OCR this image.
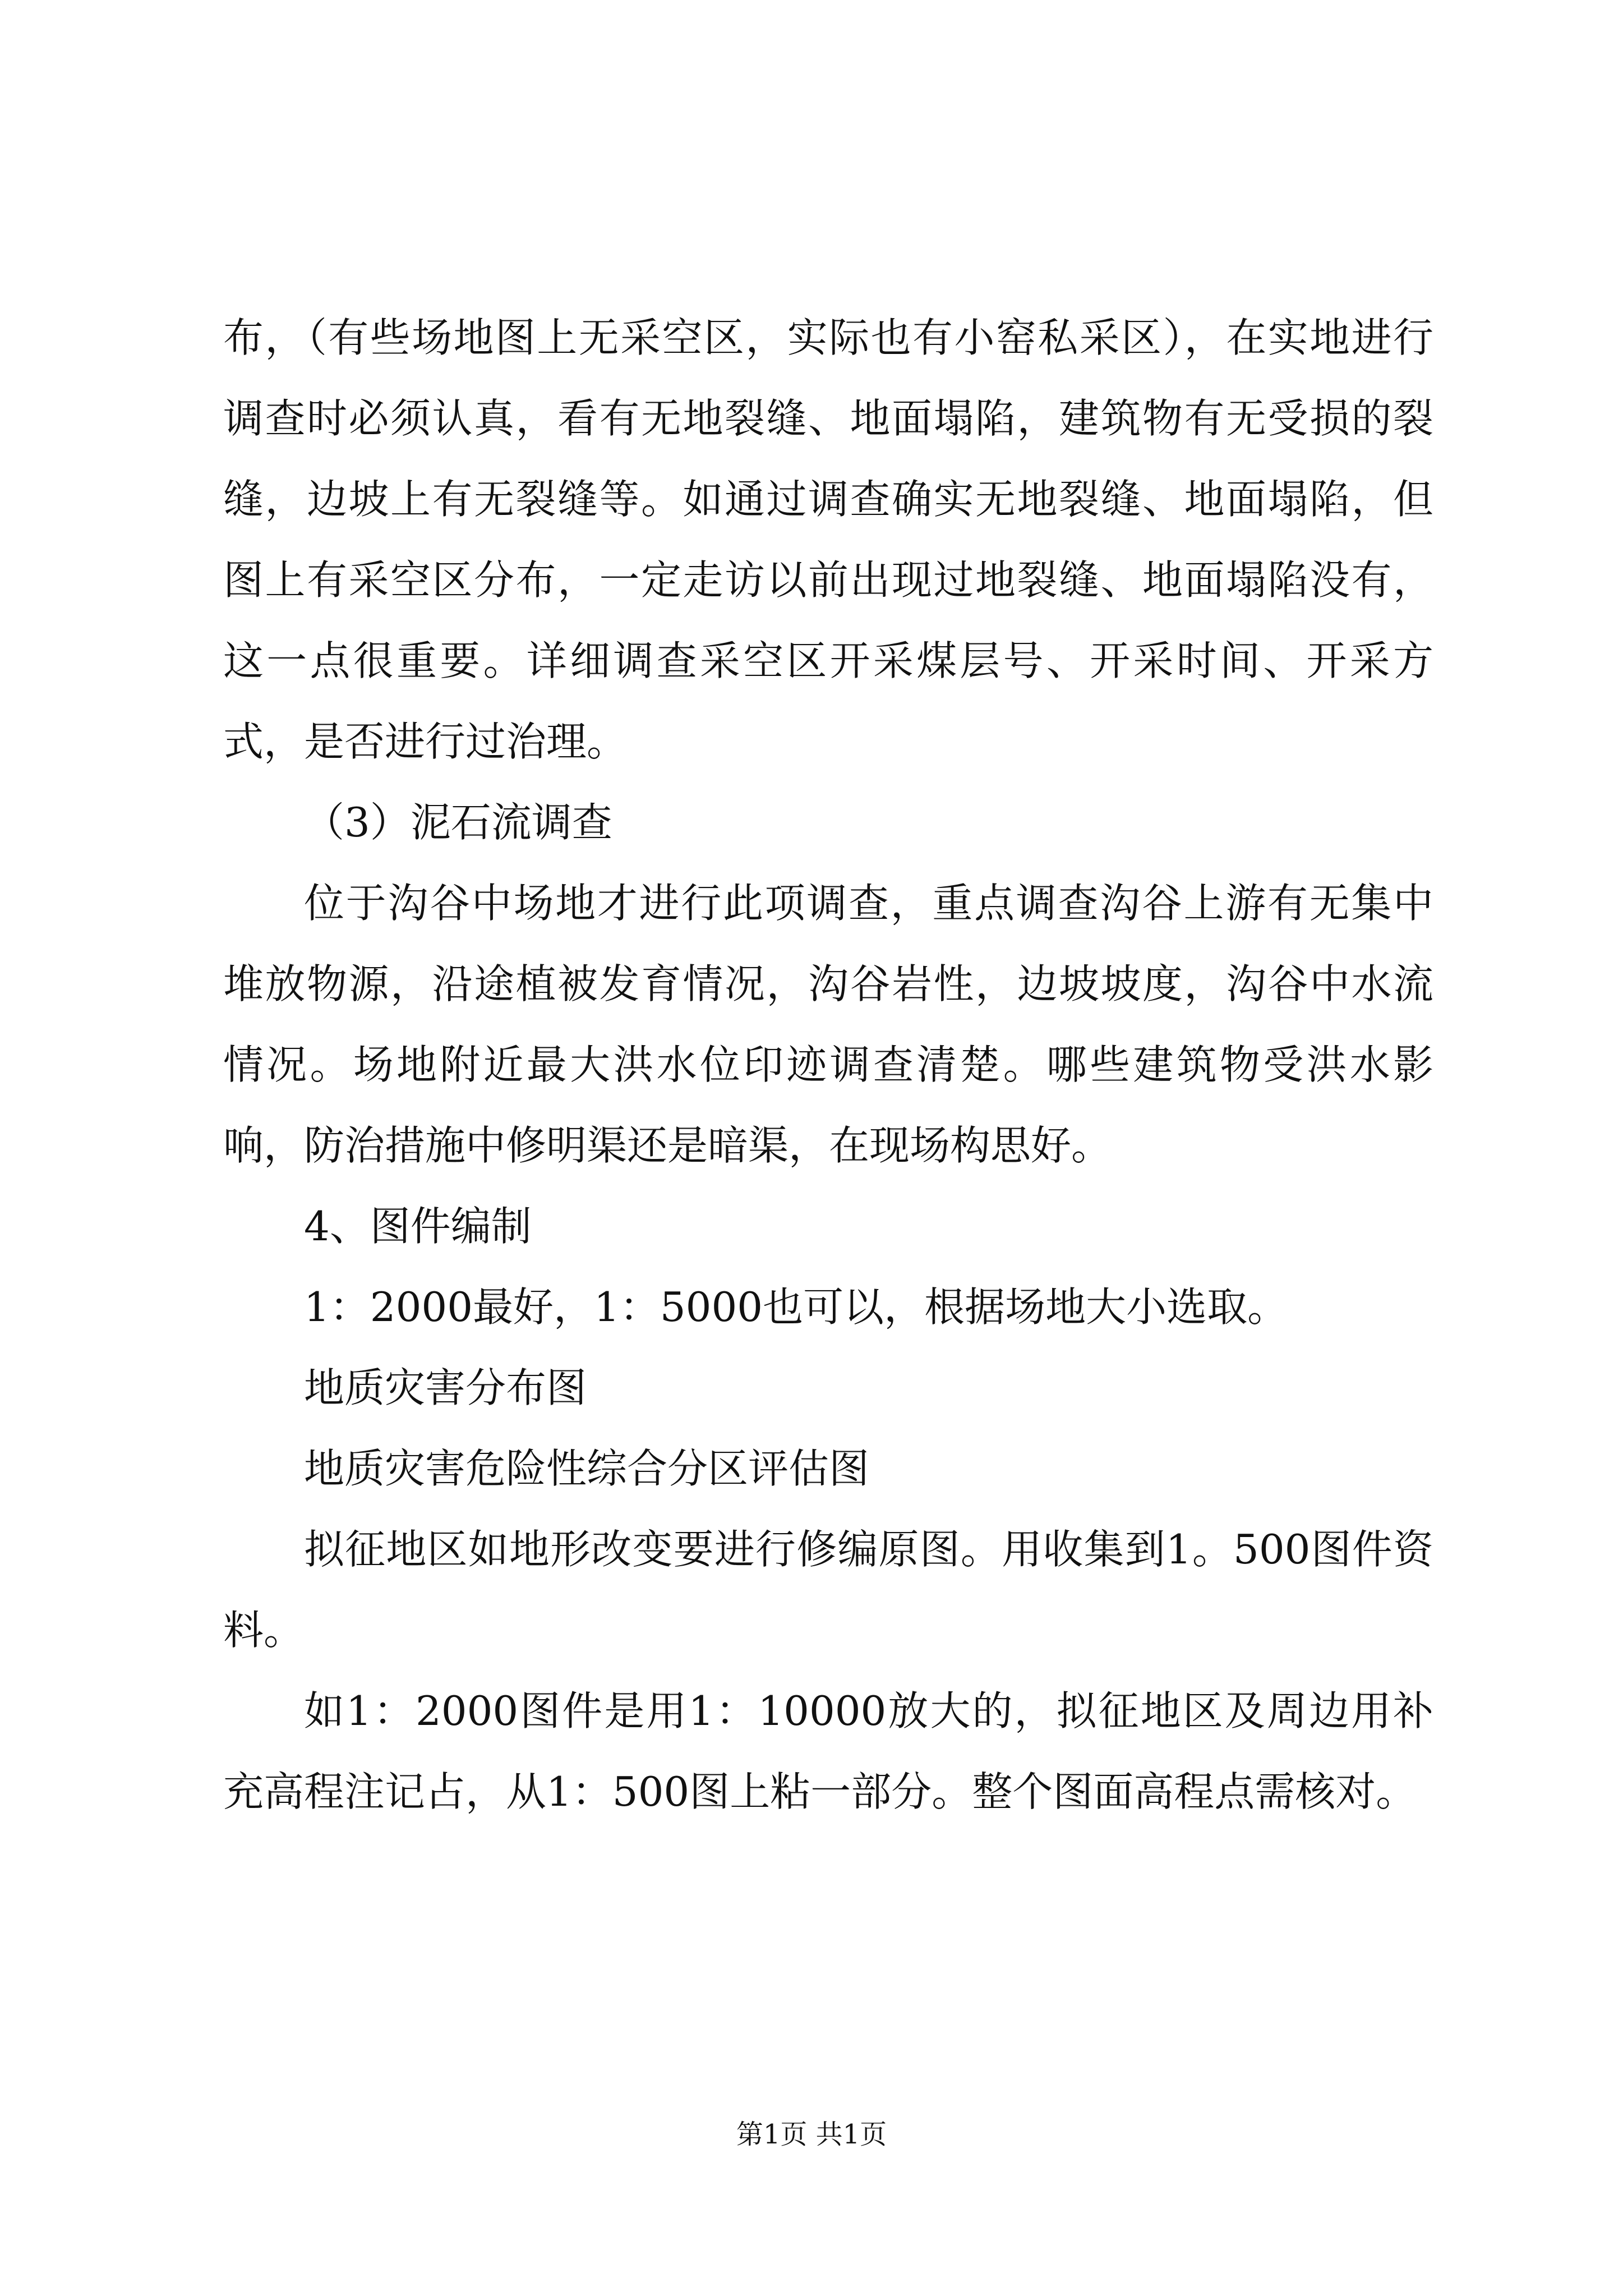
布，（有些场地图上无采空区，实际也有小窑私采区），在实地进行调查时必须认真，看有无地裂缝、地面塌陷，建筑物有无受损的裂缝，边坡上有无裂缝等。如通过调查确实无地裂缝、地面塌陷，但图上有采空区分布，一定走访以前出现过地裂缝、地面塌陷没有，这一点很重要。详细调查采空区开采煤层号、开采时间、开采方式，是否进行过治理。

（3）泥石流调查

位于沟谷中场地才进行此项调查，重点调查沟谷上游有无集中堆放物源，沿途植被发育情况，沟谷岩性，边坡坡度，沟谷中水流情况。场地附近最大洪水位印迹调查清楚。哪些建筑物受洪水影响，防治措施中修明渠还是暗渠，在现场构思好。

4、图件编制

1：2000最好，1：5000也可以，根据场地大小选取。

地质灾害分布图

地质灾害危险性综合分区评估图

拟征地区如地形改变要进行修编原图。用收集到1。500图件资料。

如1：2000图件是用1：10000放大的，拟征地区及周边用补充高程注记占，从1：500图上粘一部分。整个图面高程点需核对。

第1页 共1页
